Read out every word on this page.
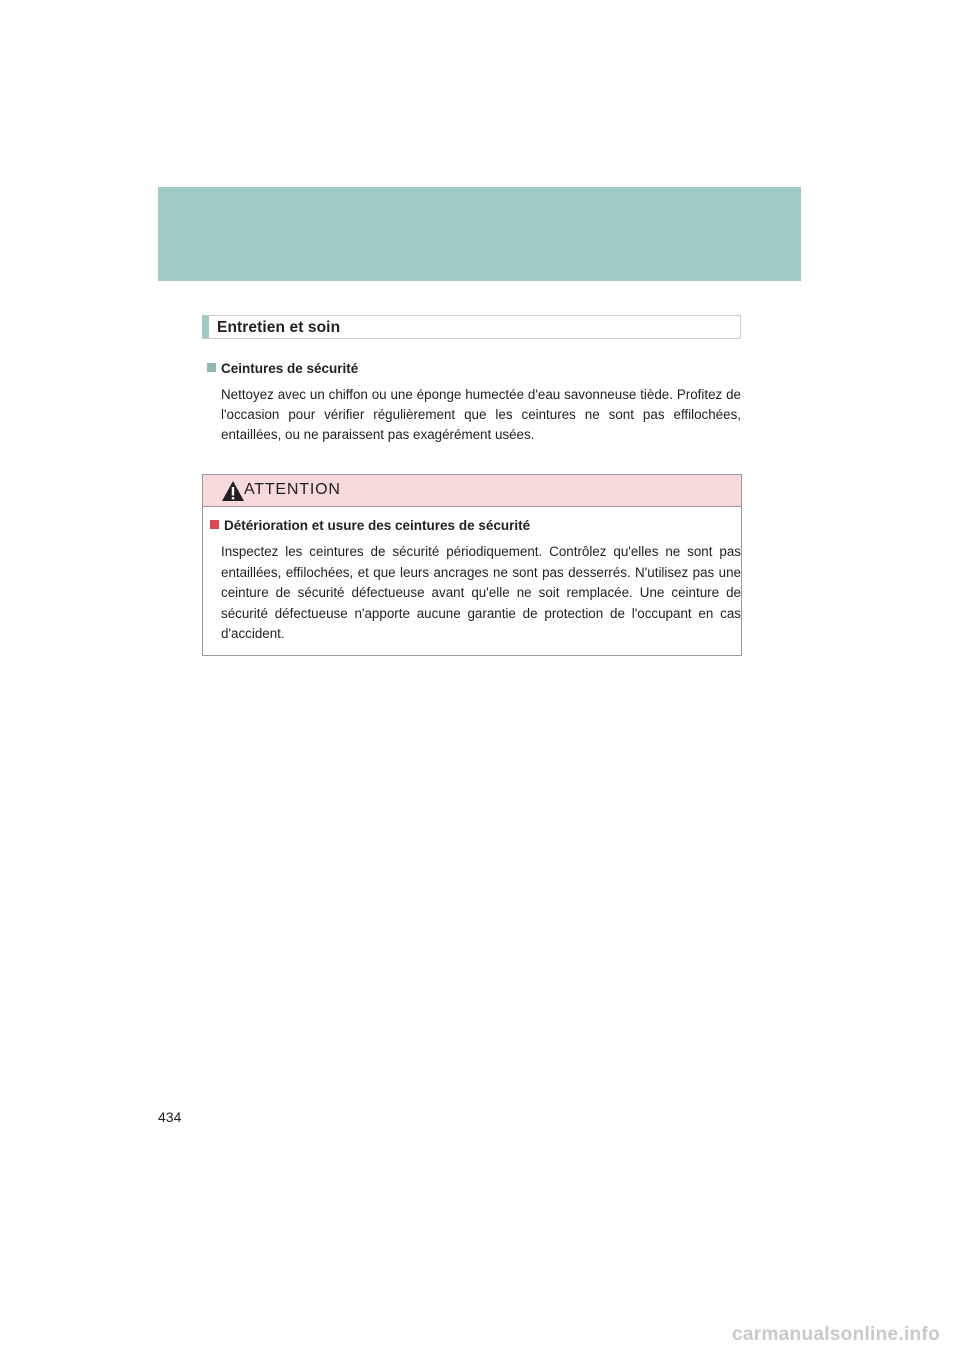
Entretien et soin
Ceintures de sécurité
Nettoyez avec un chiffon ou une éponge humectée d'eau savonneuse tiède. Profitez de l'occasion pour vérifier régulièrement que les ceintures ne sont pas effilochées, entaillées, ou ne paraissent pas exagérément usées.
ATTENTION
Détérioration et usure des ceintures de sécurité
Inspectez les ceintures de sécurité périodiquement. Contrôlez qu'elles ne sont pas entaillées, effilochées, et que leurs ancrages ne sont pas desserrés. N'utilisez pas une ceinture de sécurité défectueuse avant qu'elle ne soit remplacée. Une ceinture de sécurité défectueuse n'apporte aucune garantie de protection de l'occupant en cas d'accident.
434
carmanualsonline.info
